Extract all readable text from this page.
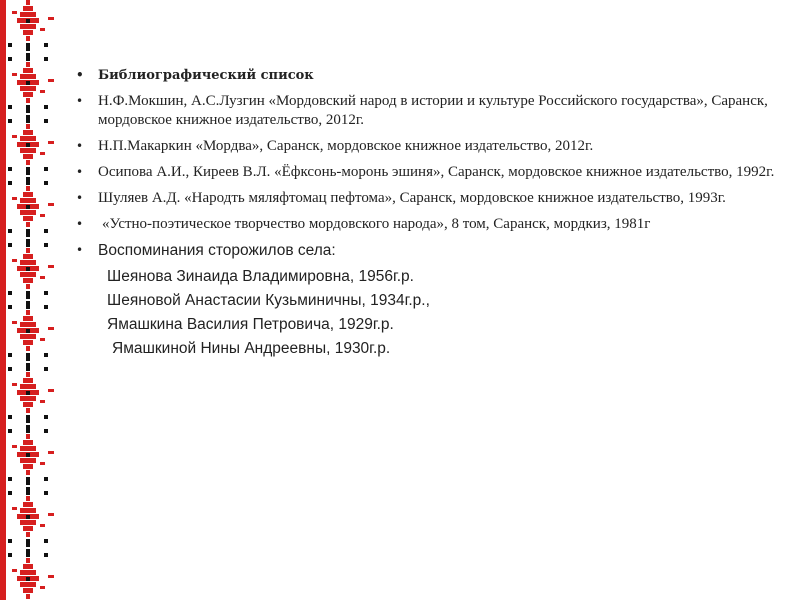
• Библиографический список
• Н.Ф.Мокшин, А.С.Лузгин «Мордовский народ в истории и культуре Российского государства», Саранск, мордовское книжное издательство, 2012г.
• Н.П.Макаркин «Мордва», Саранск, мордовское книжное издательство, 2012г.
• Осипова А.И., Киреев В.Л. «Ёфксонь-моронь эшиня», Саранск, мордовское книжное издательство, 1992г.
• Шуляев А.Д. «Народть мяляфтомац пефтома», Саранск, мордовское книжное издательство, 1993г.
• «Устно-поэтическое творчество мордовского народа», 8 том, Саранск, мордкиз, 1981г
• Воспоминания сторожилов села:
Шеянова Зинаида Владимировна, 1956г.р.
Шеяновой Анастасии Кузьминичны, 1934г.р.,
Ямашкина Василия Петровича, 1929г.р.
Ямашкиной Нины Андреевны, 1930г.р.
